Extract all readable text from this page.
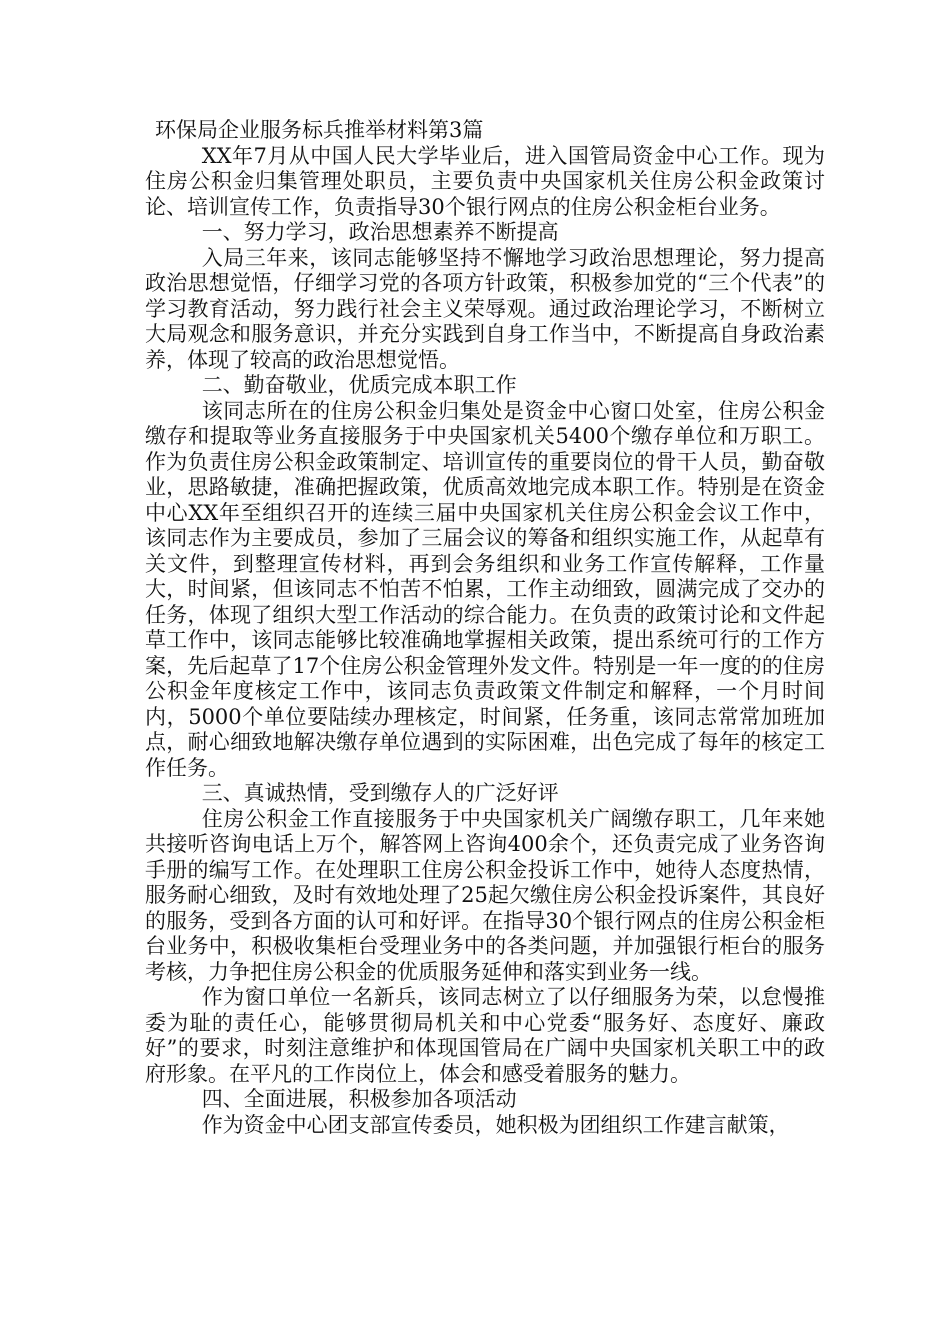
环保局企业服务标兵推举材料第3篇

XX年7月从中国人民大学毕业后，进入国管局资金中心工作。现为住房公积金归集管理处职员，主要负责中央国家机关住房公积金政策讨论、培训宣传工作，负责指导30个银行网点的住房公积金柜台业务。

一、努力学习，政治思想素养不断提高

入局三年来，该同志能够坚持不懈地学习政治思想理论，努力提高政治思想觉悟，仔细学习党的各项方针政策，积极参加党的“三个代表”的学习教育活动，努力践行社会主义荣辱观。通过政治理论学习，不断树立大局观念和服务意识，并充分实践到自身工作当中，不断提高自身政治素养，体现了较高的政治思想觉悟。

二、勤奋敬业，优质完成本职工作

该同志所在的住房公积金归集处是资金中心窗口处室，住房公积金缴存和提取等业务直接服务于中央国家机关5400个缴存单位和万职工。作为负责住房公积金政策制定、培训宣传的重要岗位的骨干人员，勤奋敬业，思路敏捷，准确把握政策，优质高效地完成本职工作。特别是在资金中心XX年至组织召开的连续三届中央国家机关住房公积金会议工作中，该同志作为主要成员，参加了三届会议的筹备和组织实施工作，从起草有关文件，到整理宣传材料，再到会务组织和业务工作宣传解释，工作量大，时间紧，但该同志不怕苦不怕累，工作主动细致，圆满完成了交办的任务，体现了组织大型工作活动的综合能力。在负责的政策讨论和文件起草工作中，该同志能够比较准确地掌握相关政策，提出系统可行的工作方案，先后起草了17个住房公积金管理外发文件。特别是一年一度的的住房公积金年度核定工作中，该同志负责政策文件制定和解释，一个月时间内，5000个单位要陆续办理核定，时间紧，任务重，该同志常常加班加点，耐心细致地解决缴存单位遇到的实际困难，出色完成了每年的核定工作任务。

三、真诚热情，受到缴存人的广泛好评

住房公积金工作直接服务于中央国家机关广阔缴存职工，几年来她共接听咨询电话上万个，解答网上咨询400余个，还负责完成了业务咨询手册的编写工作。在处理职工住房公积金投诉工作中，她待人态度热情，服务耐心细致，及时有效地处理了25起欠缴住房公积金投诉案件，其良好的服务，受到各方面的认可和好评。在指导30个银行网点的住房公积金柜台业务中，积极收集柜台受理业务中的各类问题，并加强银行柜台的服务考核，力争把住房公积金的优质服务延伸和落实到业务一线。

作为窗口单位一名新兵，该同志树立了以仔细服务为荣，以怠慢推委为耻的责任心，能够贯彻局机关和中心党委“服务好、态度好、廉政好”的要求，时刻注意维护和体现国管局在广阔中央国家机关职工中的政府形象。在平凡的工作岗位上，体会和感受着服务的魅力。

四、全面进展，积极参加各项活动

作为资金中心团支部宣传委员，她积极为团组织工作建言献策，
